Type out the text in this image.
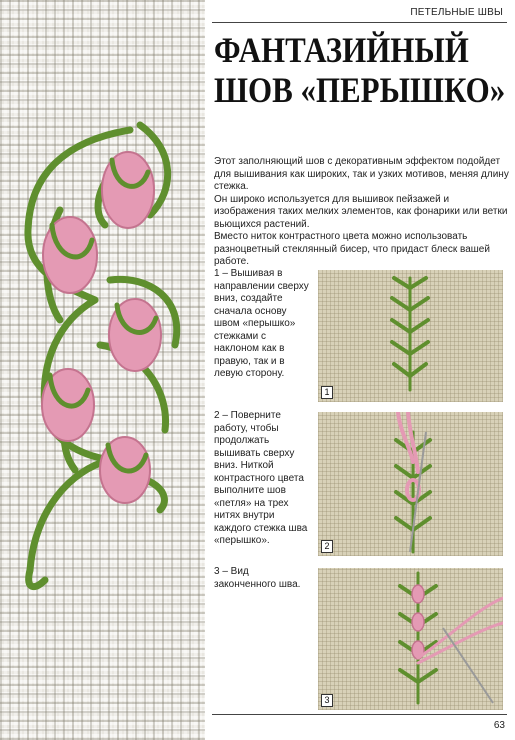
ПЕТЕЛЬНЫЕ ШВЫ
ФАНТАЗИЙНЫЙ
ШОВ «ПЕРЫШКО»

Этот заполняющий шов с декоративным эффектом подойдет для вышивания как широких, так и узких мотивов, меняя длину стежка.

Он широко используется для вышивок пейзажей и изображения таких мелких элементов, как фонарики или ветки вьющихся растений.

Вместо ниток контрастного цвета можно использовать разноцветный стеклянный бисер, что придаст блеск вашей работе.

1 – Вышивая в направлении сверху вниз, создайте сначала основу швом «перышко» стежками с наклоном как в правую, так и в левую сторону.
1
2 – Поверните работу, чтобы продолжать вышивать сверху вниз. Ниткой контрастного цвета выполните шов «петля» на трех нитях внутри каждого стежка шва «перышко».	2
3 – Вид законченного шва.
3
63
